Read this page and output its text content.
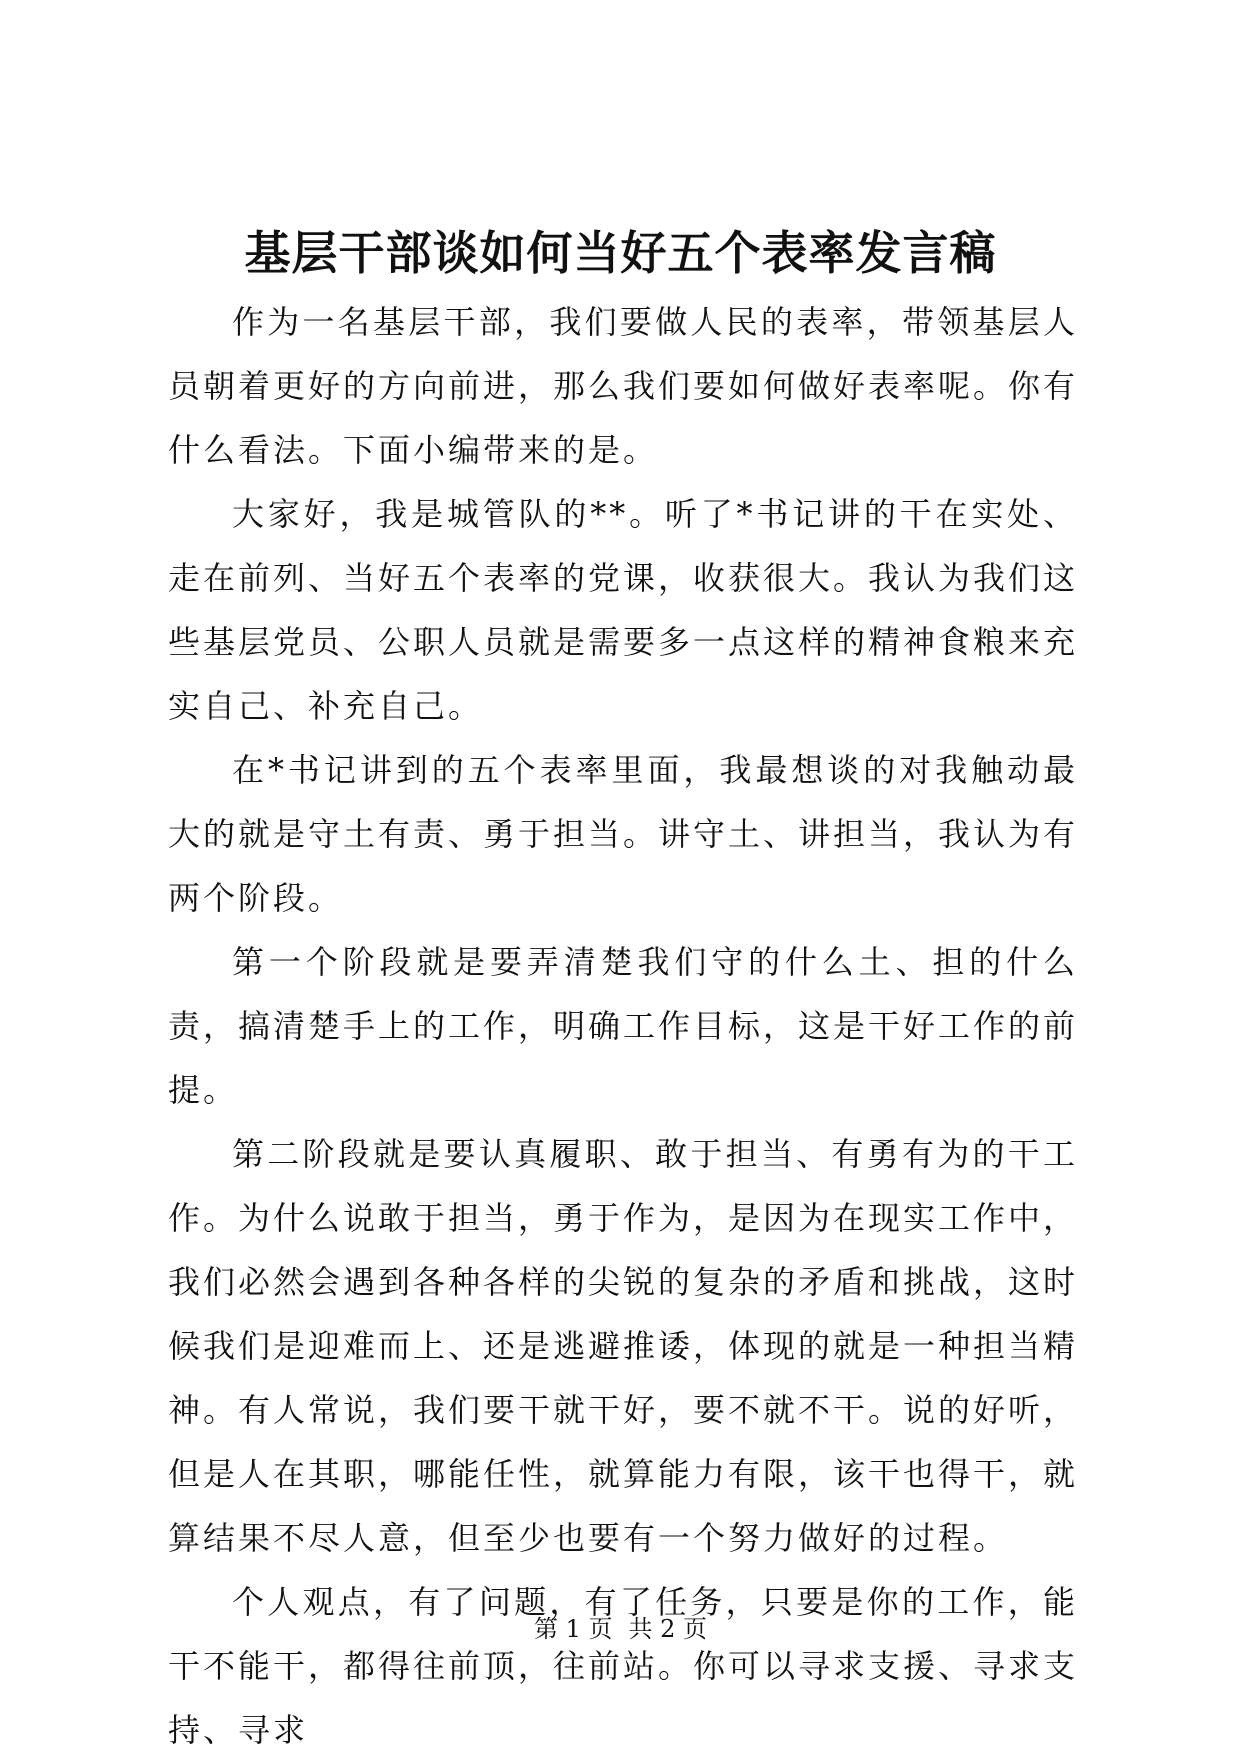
基层干部谈如何当好五个表率发言稿

作为一名基层干部，我们要做人民的表率，带领基层人员朝着更好的方向前进，那么我们要如何做好表率呢。你有什么看法。下面小编带来的是。

大家好，我是城管队的**。听了*书记讲的干在实处、走在前列、当好五个表率的党课，收获很大。我认为我们这些基层党员、公职人员就是需要多一点这样的精神食粮来充实自己、补充自己。

在*书记讲到的五个表率里面，我最想谈的对我触动最大的就是守土有责、勇于担当。讲守土、讲担当，我认为有两个阶段。

第一个阶段就是要弄清楚我们守的什么土、担的什么责，搞清楚手上的工作，明确工作目标，这是干好工作的前提。

第二阶段就是要认真履职、敢于担当、有勇有为的干工作。为什么说敢于担当，勇于作为，是因为在现实工作中，我们必然会遇到各种各样的尖锐的复杂的矛盾和挑战，这时候我们是迎难而上、还是逃避推诿，体现的就是一种担当精神。有人常说，我们要干就干好，要不就不干。说的好听，但是人在其职，哪能任性，就算能力有限，该干也得干，就算结果不尽人意，但至少也要有一个努力做好的过程。

个人观点，有了问题，有了任务，只要是你的工作，能干不能干，都得往前顶，往前站。你可以寻求支援、寻求支持、寻求

第 1 页 共 2 页
